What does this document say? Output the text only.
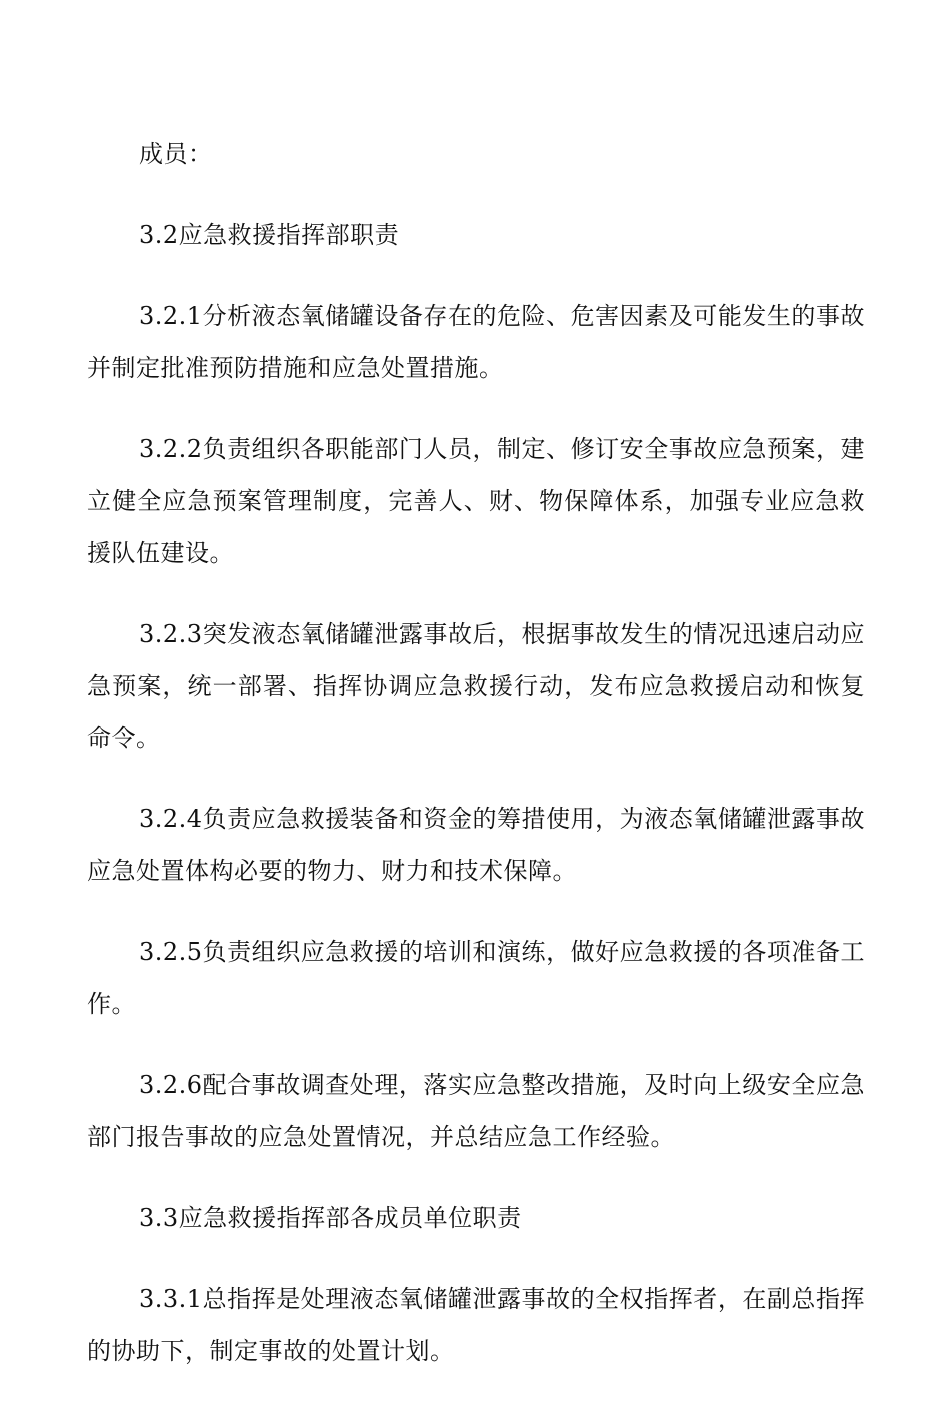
成员：

3.2应急救援指挥部职责

3.2.1分析液态氧储罐设备存在的危险、危害因素及可能发生的事故并制定批准预防措施和应急处置措施。

3.2.2负责组织各职能部门人员，制定、修订安全事故应急预案，建立健全应急预案管理制度，完善人、财、物保障体系，加强专业应急救援队伍建设。

3.2.3突发液态氧储罐泄露事故后，根据事故发生的情况迅速启动应急预案，统一部署、指挥协调应急救援行动，发布应急救援启动和恢复命令。

3.2.4负责应急救援装备和资金的筹措使用，为液态氧储罐泄露事故应急处置体构必要的物力、财力和技术保障。

3.2.5负责组织应急救援的培训和演练，做好应急救援的各项准备工作。

3.2.6配合事故调查处理，落实应急整改措施，及时向上级安全应急部门报告事故的应急处置情况，并总结应急工作经验。

3.3应急救援指挥部各成员单位职责

3.3.1总指挥是处理液态氧储罐泄露事故的全权指挥者，在副总指挥的协助下，制定事故的处置计划。
